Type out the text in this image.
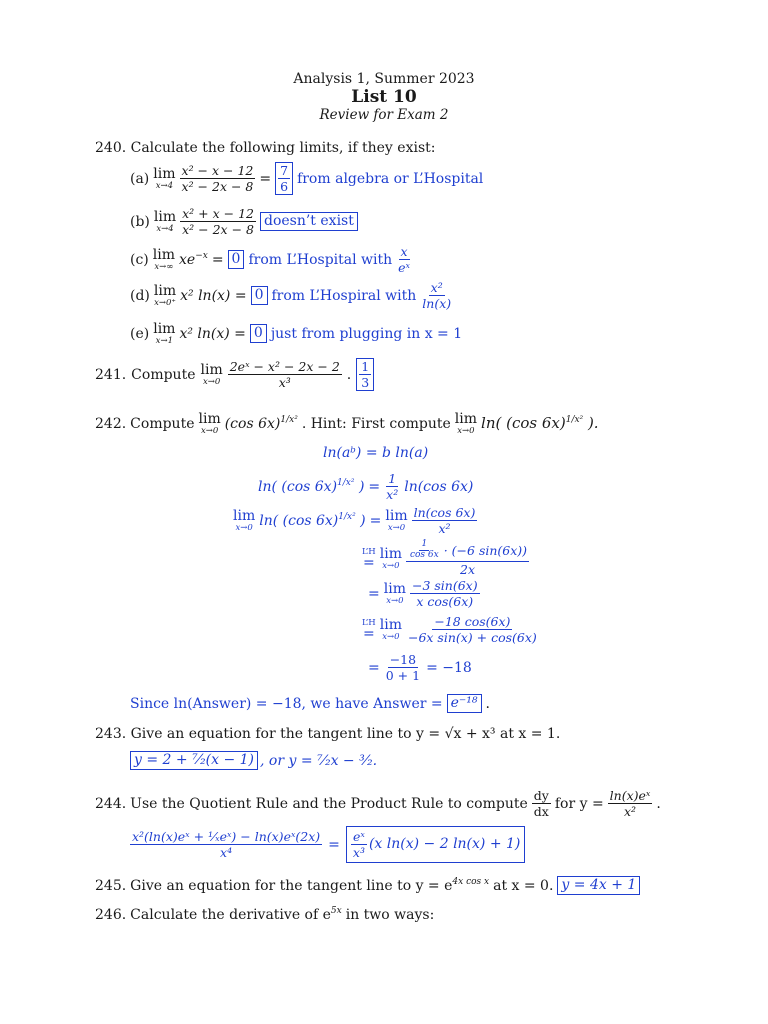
Analysis 1, Summer 2023
List 10
Review for Exam 2
240. Calculate the following limits, if they exist:
(a) lim
$x\to 4 \frac{\text{x² − x − 12}}{\text{x² − 2x − 8}} = \frac{7}{6}$ from algebra or L’Hospital
(b) lim
$x\to 4 \frac{\text{x² + x − 12}}{\text{x² − 2x − 8}}$ doesn’t exist
(c) lim
x→∞ $xe^{-x} = 0$ from L’Hospital with $\frac{x}{\text{eˣ}}$
(d) lim
x→0⁺ x² ln(x) = 0 from L’Hospiral with $\frac{\text{x²}}{\ln(x)}$
(e) lim
x→1 x² ln(x) = 0 just from plugging in x = 1
241. Compute lim
$x\to 0 \frac{\text{2eˣ − x² − 2x − 2}}{\text{x³}}$ . $\frac{1}{3}$
242. Compute lim
x→0 (cos 6x)$^{1/x^2}$ . Hint: First compute lim
x→0 ln( (cos 6x)$^{1/x^2}$ ).
ln(aᵇ) = b ln(a)
ln( (cos 6x)$^{1/x^2}$ ) = $\frac{1}{\text{x²}} \ln(\cos$ 6x)
lim
x→0 ln( (cos 6x)$^{1/x^2}$ ) = lim
$x\to 0 \frac{\ln(\cos 6x)}{\text{x²}}$
L’H
=
lim
$x\to 0 \frac{\frac{1}{\cos 6x} \cdot (-6 \sin(6x))}{2x}$
= lim
$x\to 0 \frac{-3 \sin(6x)}{\text{x cos(6x)}}$
L’H
=
lim
$x\to 0 \frac{-18 \cos(6x)}{\text{−6x sin(x) + cos(6x)}}$
= $\frac{-18}{0 + 1} = -18$
Since ln(Answer) = −18, we have Answer = e⁻¹⁸ .
243. Give an equation for the tangent line to y = √x + x³ at x = 1.
y = 2 + ⁷⁄₂(x − 1) , or y = ⁷⁄₂x − ³⁄₂.
244. Use the Quotient Rule and the Product Rule to compute $\frac{dy}{dx}$ for $y = \frac{\text{ln(x)eˣ}}{\text{x²}}$ .
$\frac{\text{x²(ln(x)eˣ + ¹⁄ₓeˣ) − ln(x)eˣ(2x)}}{\text{x⁴}} = \frac{\text{eˣ}}{\text{x³}} (x$ ln(x) − 2 ln(x) + 1)
245. Give an equation for the tangent line to $y = e^{4x cos x}$ at x = 0. y = 4x + 1
246. Calculate the derivative of $e^{5x}$ in two ways:
